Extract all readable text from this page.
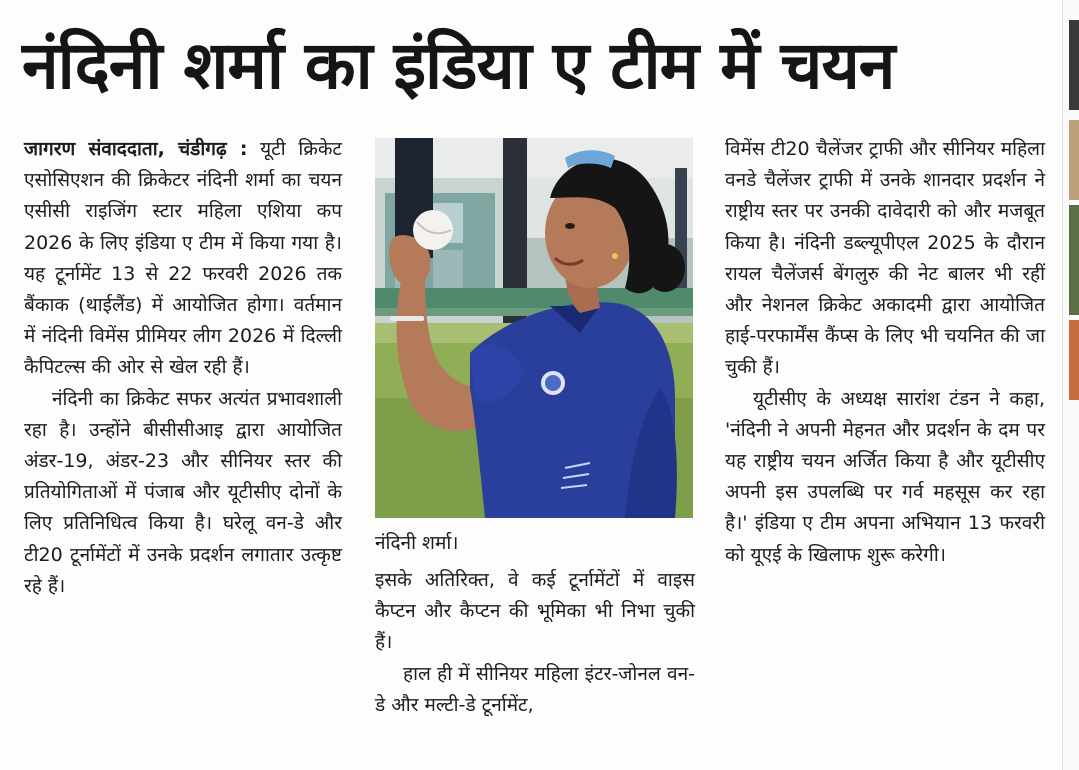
नंदिनी शर्मा का इंडिया ए टीम में चयन

जागरण संवाददाता, चंडीगढ़ : यूटी क्रिकेट एसोसिएशन की क्रिकेटर नंदिनी शर्मा का चयन एसीसी राइजिंग स्टार महिला एशिया कप 2026 के लिए इंडिया ए टीम में किया गया है। यह टूर्नामेंट 13 से 22 फरवरी 2026 तक बैंकाक (थाईलैंड) में आयोजित होगा। वर्तमान में नंदिनी विमेंस प्रीमियर लीग 2026 में दिल्ली कैपिटल्स की ओर से खेल रही हैं।

नंदिनी का क्रिकेट सफर अत्यंत प्रभावशाली रहा है। उन्होंने बीसीसीआइ द्वारा आयोजित अंडर-19, अंडर-23 और सीनियर स्तर की प्रतियोगिताओं में पंजाब और यूटीसीए दोनों के लिए प्रतिनिधित्व किया है। घरेलू वन-डे और टी20 टूर्नामेंटों में उनके प्रदर्शन लगातार उत्कृष्ट रहे हैं।

नंदिनी शर्मा।

इसके अतिरिक्त, वे कई टूर्नामेंटों में वाइस कैप्टन और कैप्टन की भूमिका भी निभा चुकी हैं।

हाल ही में सीनियर महिला इंटर-जोनल वन-डे और मल्टी-डे टूर्नामेंट,

विमेंस टी20 चैलेंजर ट्राफी और सीनियर महिला वनडे चैलेंजर ट्राफी में उनके शानदार प्रदर्शन ने राष्ट्रीय स्तर पर उनकी दावेदारी को और मजबूत किया है। नंदिनी डब्ल्यूपीएल 2025 के दौरान रायल चैलेंजर्स बेंगलुरु की नेट बालर भी रहीं और नेशनल क्रिकेट अकादमी द्वारा आयोजित हाई-परफार्मेंस कैंप्स के लिए भी चयनित की जा चुकी हैं।

यूटीसीए के अध्यक्ष सारांश टंडन ने कहा, 'नंदिनी ने अपनी मेहनत और प्रदर्शन के दम पर यह राष्ट्रीय चयन अर्जित किया है और यूटीसीए अपनी इस उपलब्धि पर गर्व महसूस कर रहा है।' इंडिया ए टीम अपना अभियान 13 फरवरी को यूएई के खिलाफ शुरू करेगी।
